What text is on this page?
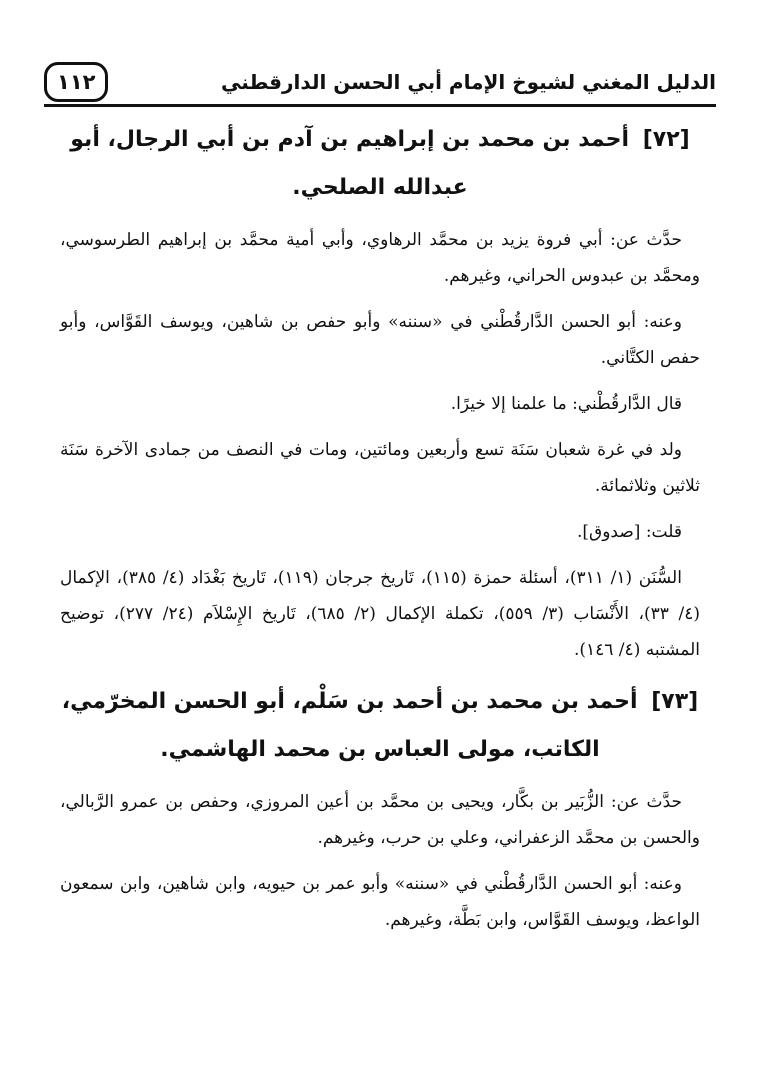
١١٢	الدليل المغني لشيوخ الإمام أبي الحسن الدارقطني
[٧٢] أحمد بن محمد بن إبراهيم بن آدم بن أبي الرجال، أبو عبدالله الصلحي.

حدَّث عن: أبي فروة يزيد بن محمَّد الرهاوي، وأبي أمية محمَّد بن إبراهيم الطرسوسي، ومحمَّد بن عبدوس الحراني، وغيرهم.

وعنه: أبو الحسن الدَّارقُطْني في «سننه» وأبو حفص بن شاهين، ويوسف القَوَّاس، وأبو حفص الكتَّاني.

قال الدَّارقُطْني: ما علمنا إلا خيرًا.

ولد في غرة شعبان سَنَة تسع وأربعين ومائتين، ومات في النصف من جمادى الآخرة سَنَة ثلاثين وثلاثمائة.

قلت: [صدوق].

السُّنَن (١/ ٣١١)، أسئلة حمزة (١١٥)، تَاريخ جرجان (١١٩)، تَاريخ بَغْدَاد (٤/ ٣٨٥)، الإكمال (٤/ ٣٣)، الأَنْسَاب (٣/ ٥٥٩)، تكملة الإكمال (٢/ ٦٨٥)، تَاريخ الإِسْلاَم (٢٤/ ٢٧٧)، توضيح المشتبه (٤/ ١٤٦).

[٧٣] أحمد بن محمد بن أحمد بن سَلْم، أبو الحسن المخرّمي، الكاتب، مولى العباس بن محمد الهاشمي.

حدَّث عن: الزُّبَير بن بكَّار، ويحيى بن محمَّد بن أعين المروزي، وحفص بن عمرو الرَّبالي، والحسن بن محمَّد الزعفراني، وعلي بن حرب، وغيرهم.

وعنه: أبو الحسن الدَّارقُطْني في «سننه» وأبو عمر بن حيويه، وابن شاهين، وابن سمعون الواعظ، ويوسف القَوَّاس، وابن بَطَّة، وغيرهم.
